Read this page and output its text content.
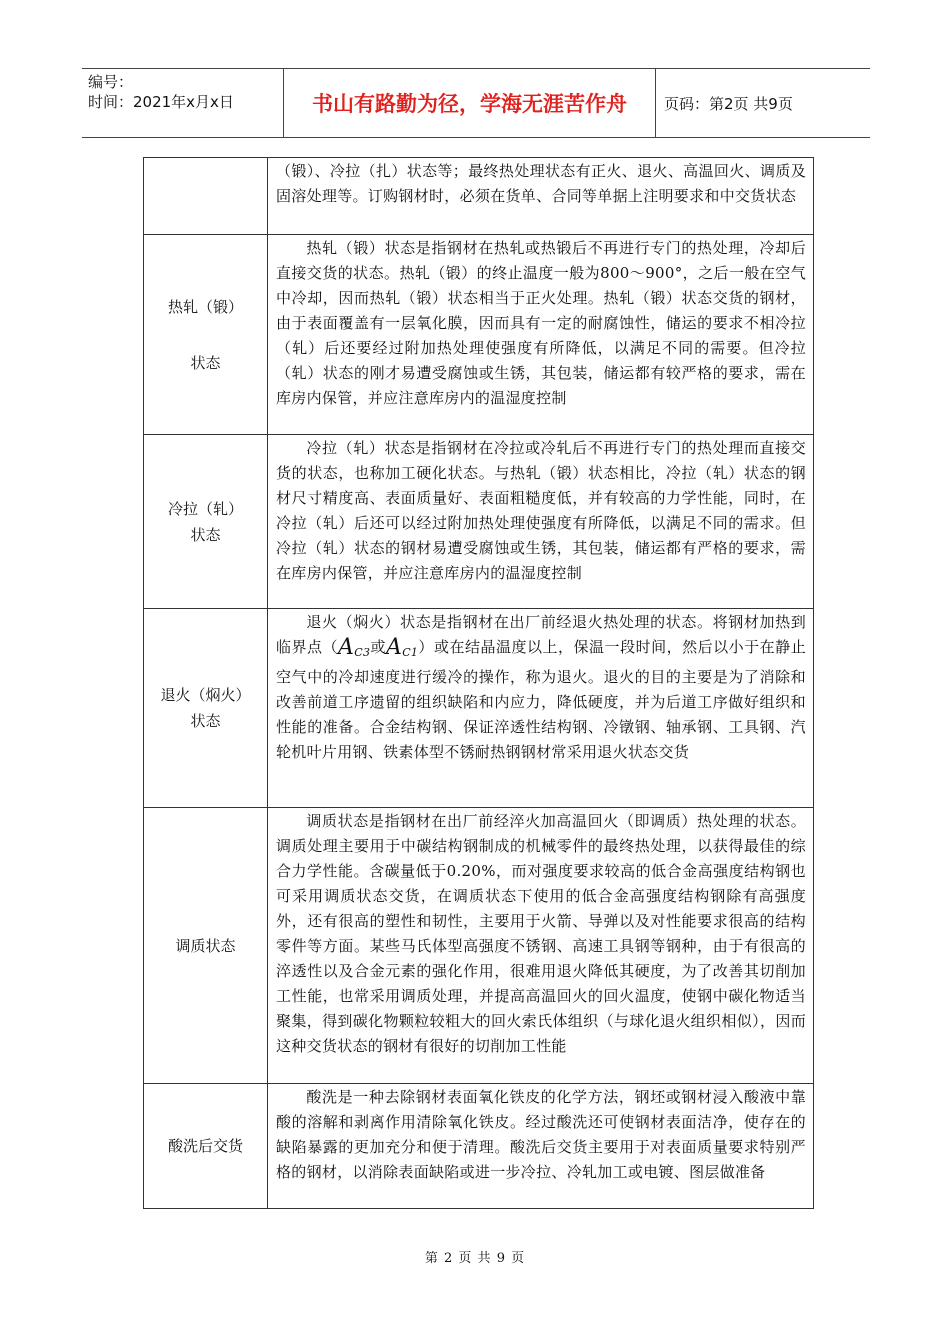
编号：
时间：2021年x月x日	书山有路勤为径，学海无涯苦作舟	页码：第2页 共9页
	（锻）、冷拉（扎）状态等；最终热处理状态有正火、退火、高温回火、调质及固溶处理等。订购钢材时，必须在货单、合同等单据上注明要求和中交货状态

热轧（锻）
状态	热轧（锻）状态是指钢材在热轧或热锻后不再进行专门的热处理，冷却后直接交货的状态。热轧（锻）的终止温度一般为800～900°，之后一般在空气中冷却，因而热轧（锻）状态相当于正火处理。热轧（锻）状态交货的钢材，由于表面覆盖有一层氧化膜，因而具有一定的耐腐蚀性，储运的要求不相冷拉（轧）后还要经过附加热处理使强度有所降低，以满足不同的需要。但冷拉（轧）状态的刚才易遭受腐蚀或生锈，其包装，储运都有较严格的要求，需在库房内保管，并应注意库房内的温湿度控制

冷拉（轧）
状态	冷拉（轧）状态是指钢材在冷拉或冷轧后不再进行专门的热处理而直接交货的状态，也称加工硬化状态。与热轧（锻）状态相比，冷拉（轧）状态的钢材尺寸精度高、表面质量好、表面粗糙度低，并有较高的力学性能，同时，在冷拉（轧）后还可以经过附加热处理使强度有所降低，以满足不同的需求。但冷拉（轧）状态的钢材易遭受腐蚀或生锈，其包装，储运都有严格的要求，需在库房内保管，并应注意库房内的温湿度控制

退火（焖火）
状态	退火（焖火）状态是指钢材在出厂前经退火热处理的状态。将钢材加热到临界点（$A_{C3}$或$A_{C1}$）或在结晶温度以上，保温一段时间，然后以小于在静止空气中的冷却速度进行缓冷的操作，称为退火。退火的目的主要是为了消除和改善前道工序遗留的组织缺陷和内应力，降低硬度，并为后道工序做好组织和性能的准备。合金结构钢、保证淬透性结构钢、冷镦钢、轴承钢、工具钢、汽轮机叶片用钢、铁素体型不锈耐热钢钢材常采用退火状态交货

调质状态	调质状态是指钢材在出厂前经淬火加高温回火（即调质）热处理的状态。调质处理主要用于中碳结构钢制成的机械零件的最终热处理，以获得最佳的综合力学性能。含碳量低于0.20%，而对强度要求较高的低合金高强度结构钢也可采用调质状态交货，在调质状态下使用的低合金高强度结构钢除有高强度外，还有很高的塑性和韧性，主要用于火箭、导弹以及对性能要求很高的结构零件等方面。某些马氏体型高强度不锈钢、高速工具钢等钢种，由于有很高的淬透性以及合金元素的强化作用，很难用退火降低其硬度，为了改善其切削加工性能，也常采用调质处理，并提高高温回火的回火温度，使钢中碳化物适当聚集，得到碳化物颗粒较粗大的回火索氏体组织（与球化退火组织相似），因而这种交货状态的钢材有很好的切削加工性能

酸洗后交货	酸洗是一种去除钢材表面氧化铁皮的化学方法，钢坯或钢材浸入酸液中靠酸的溶解和剥离作用清除氧化铁皮。经过酸洗还可使钢材表面洁净，使存在的缺陷暴露的更加充分和便于清理。酸洗后交货主要用于对表面质量要求特别严格的钢材，以消除表面缺陷或进一步冷拉、冷轧加工或电镀、图层做准备
第 2 页 共 9 页
